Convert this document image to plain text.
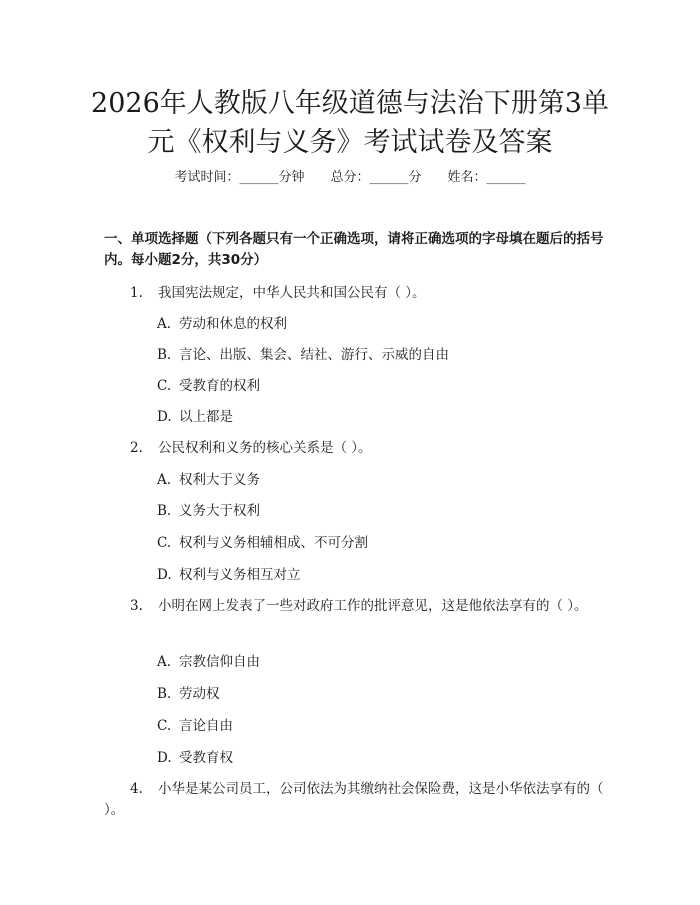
2026年人教版八年级道德与法治下册第3单元《权利与义务》考试试卷及答案
考试时间：______分钟 总分：______分 姓名：______
一、单项选择题（下列各题只有一个正确选项，请将正确选项的字母填在题后的括号内。每小题2分，共30分）
1. 我国宪法规定，中华人民共和国公民有（ ）。
A. 劳动和休息的权利
B. 言论、出版、集会、结社、游行、示威的自由
C. 受教育的权利
D. 以上都是
2. 公民权利和义务的核心关系是（ ）。
A. 权利大于义务
B. 义务大于权利
C. 权利与义务相辅相成、不可分割
D. 权利与义务相互对立
3. 小明在网上发表了一些对政府工作的批评意见，这是他依法享有的（ ）。
A. 宗教信仰自由
B. 劳动权
C. 言论自由
D. 受教育权
4. 小华是某公司员工，公司依法为其缴纳社会保险费，这是小华依法享有的（ ）。
